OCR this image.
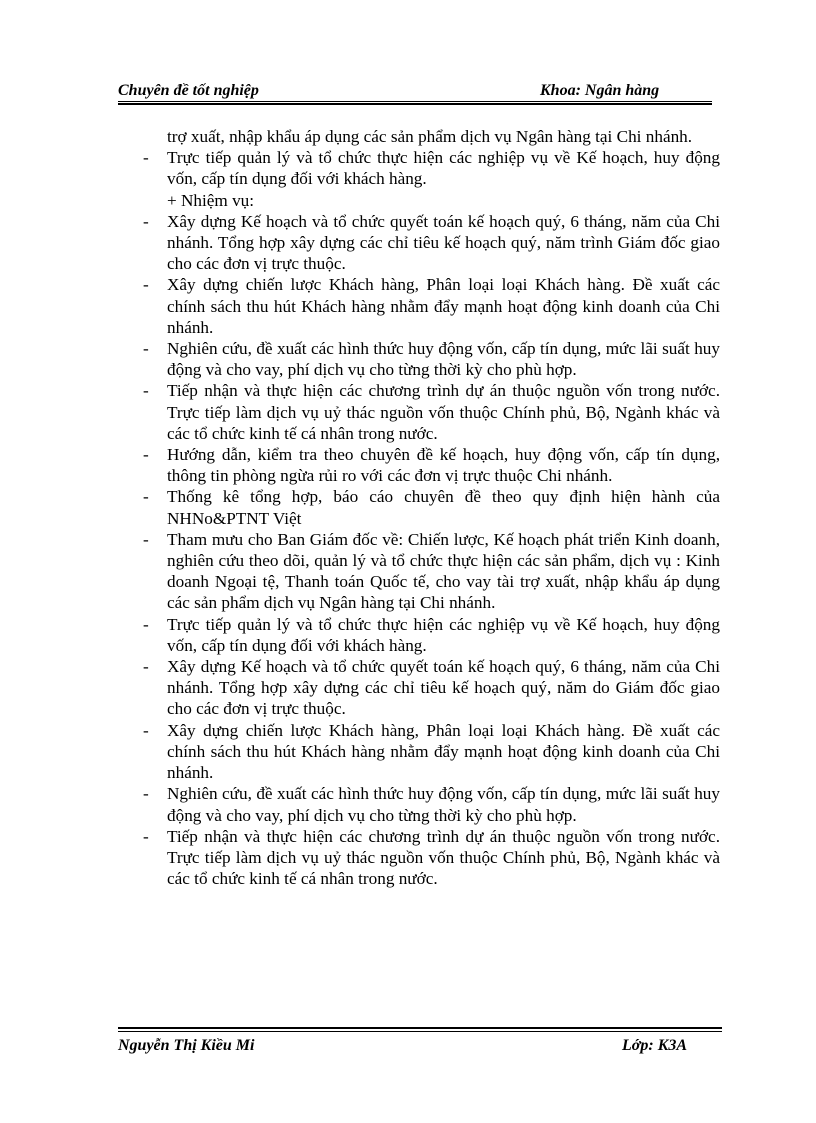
Chuyên đề tốt nghiệp	Khoa: Ngân hàng

trợ xuất, nhập khẩu áp dụng các sản phẩm dịch vụ Ngân hàng tại Chi nhánh.

- Trực tiếp quản lý và tổ chức thực hiện các nghiệp vụ về Kế hoạch, huy động vốn, cấp tín dụng đối với khách hàng.

+ Nhiệm vụ:

- Xây dựng Kế hoạch và tổ chức quyết toán kế hoạch quý, 6 tháng, năm của Chi nhánh. Tổng hợp xây dựng các chỉ tiêu kế hoạch quý, năm trình Giám đốc giao cho các đơn vị trực thuộc.

- Xây dựng chiến lược Khách hàng, Phân loại loại Khách hàng. Đề xuất các chính sách thu hút Khách hàng nhằm đẩy mạnh hoạt động kinh doanh của Chi nhánh.

- Nghiên cứu, đề xuất các hình thức huy động vốn, cấp tín dụng, mức lãi suất huy động và cho vay, phí dịch vụ cho từng thời kỳ cho phù hợp.

- Tiếp nhận và thực hiện các chương trình dự án thuộc nguồn vốn trong nước. Trực tiếp làm dịch vụ uỷ thác nguồn vốn thuộc Chính phủ, Bộ, Ngành khác và các tổ chức kinh tế cá nhân trong nước.

- Hướng dẫn, kiểm tra theo chuyên đề kế hoạch, huy động vốn, cấp tín dụng, thông tin phòng ngừa rủi ro với các đơn vị trực thuộc Chi nhánh.

- Thống kê tổng hợp, báo cáo chuyên đề theo quy định hiện hành của NHNo&PTNT Việt

- Tham mưu cho Ban Giám đốc về: Chiến lược, Kế hoạch phát triển Kinh doanh, nghiên cứu theo dõi, quản lý và tổ chức thực hiện các sản phẩm, dịch vụ : Kinh doanh Ngoại tệ, Thanh toán Quốc tế, cho vay tài trợ xuất, nhập khẩu áp dụng các sản phẩm dịch vụ Ngân hàng tại Chi nhánh.

- Trực tiếp quản lý và tổ chức thực hiện các nghiệp vụ về Kế hoạch, huy động vốn, cấp tín dụng đối với khách hàng.

- Xây dựng Kế hoạch và tổ chức quyết toán kế hoạch quý, 6 tháng, năm của Chi nhánh. Tổng hợp xây dựng các chỉ tiêu kế hoạch quý, năm do Giám đốc giao cho các đơn vị trực thuộc.

- Xây dựng chiến lược Khách hàng, Phân loại loại Khách hàng. Đề xuất các chính sách thu hút Khách hàng nhằm đẩy mạnh hoạt động kinh doanh của Chi nhánh.

- Nghiên cứu, đề xuất các hình thức huy động vốn, cấp tín dụng, mức lãi suất huy động và cho vay, phí dịch vụ cho từng thời kỳ cho phù hợp.

- Tiếp nhận và thực hiện các chương trình dự án thuộc nguồn vốn trong nước. Trực tiếp làm dịch vụ uỷ thác nguồn vốn thuộc Chính phủ, Bộ, Ngành khác và các tổ chức kinh tế cá nhân trong nước.

Nguyễn Thị Kiều Mi	Lớp: K3A
